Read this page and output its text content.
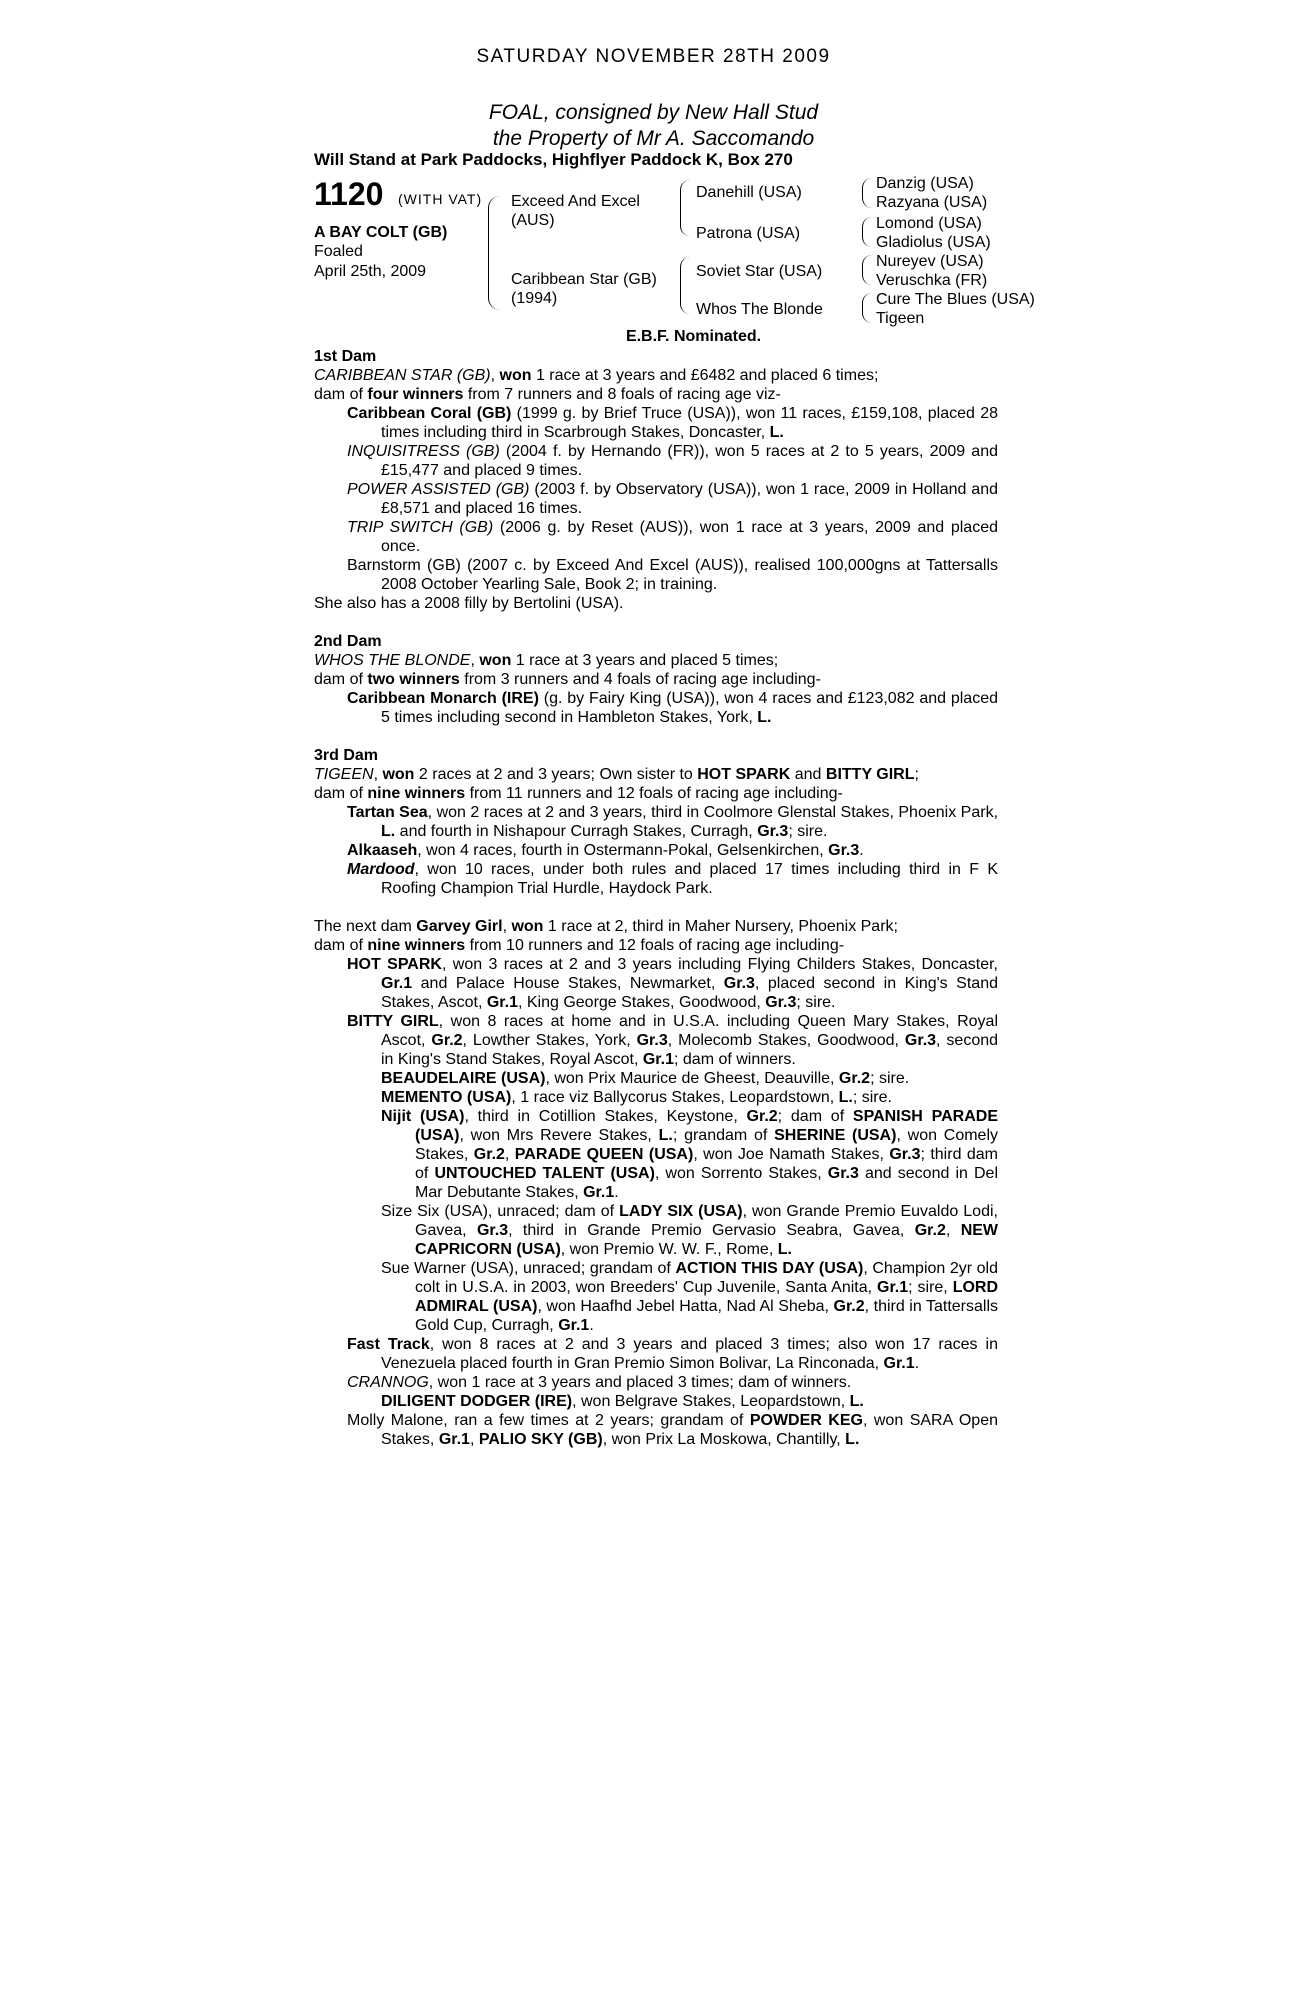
SATURDAY NOVEMBER 28TH 2009
FOAL, consigned by New Hall Stud
the Property of Mr A. Saccomando
Will Stand at Park Paddocks, Highflyer Paddock K, Box 270
1120 (WITH VAT)
A BAY COLT (GB)
Foaled
April 25th, 2009
Exceed And Excel
(AUS)
Caribbean Star (GB)
(1994)
Danehill (USA)
Patrona (USA)
Soviet Star (USA)
Whos The Blonde
Danzig (USA)
Razyana (USA)
Lomond (USA)
Gladiolus (USA)
Nureyev (USA)
Veruschka (FR)
Cure The Blues (USA)
Tigeen
E.B.F. Nominated.

1st Dam

CARIBBEAN STAR (GB), won 1 race at 3 years and £6482 and placed 6 times;

dam of four winners from 7 runners and 8 foals of racing age viz-

Caribbean Coral (GB) (1999 g. by Brief Truce (USA)), won 11 races, £159,108, placed 28 times including third in Scarbrough Stakes, Doncaster, L.

INQUISITRESS (GB) (2004 f. by Hernando (FR)), won 5 races at 2 to 5 years, 2009 and £15,477 and placed 9 times.

POWER ASSISTED (GB) (2003 f. by Observatory (USA)), won 1 race, 2009 in Holland and £8,571 and placed 16 times.

TRIP SWITCH (GB) (2006 g. by Reset (AUS)), won 1 race at 3 years, 2009 and placed once.

Barnstorm (GB) (2007 c. by Exceed And Excel (AUS)), realised 100,000gns at Tattersalls 2008 October Yearling Sale, Book 2; in training.

She also has a 2008 filly by Bertolini (USA).

2nd Dam

WHOS THE BLONDE, won 1 race at 3 years and placed 5 times;

dam of two winners from 3 runners and 4 foals of racing age including-

Caribbean Monarch (IRE) (g. by Fairy King (USA)), won 4 races and £123,082 and placed 5 times including second in Hambleton Stakes, York, L.

3rd Dam

TIGEEN, won 2 races at 2 and 3 years; Own sister to HOT SPARK and BITTY GIRL;

dam of nine winners from 11 runners and 12 foals of racing age including-

Tartan Sea, won 2 races at 2 and 3 years, third in Coolmore Glenstal Stakes, Phoenix Park, L. and fourth in Nishapour Curragh Stakes, Curragh, Gr.3; sire.

Alkaaseh, won 4 races, fourth in Ostermann-Pokal, Gelsenkirchen, Gr.3.

Mardood, won 10 races, under both rules and placed 17 times including third in F K Roofing Champion Trial Hurdle, Haydock Park.

The next dam Garvey Girl, won 1 race at 2, third in Maher Nursery, Phoenix Park;

dam of nine winners from 10 runners and 12 foals of racing age including-

HOT SPARK, won 3 races at 2 and 3 years including Flying Childers Stakes, Doncaster, Gr.1 and Palace House Stakes, Newmarket, Gr.3, placed second in King's Stand Stakes, Ascot, Gr.1, King George Stakes, Goodwood, Gr.3; sire.

BITTY GIRL, won 8 races at home and in U.S.A. including Queen Mary Stakes, Royal Ascot, Gr.2, Lowther Stakes, York, Gr.3, Molecomb Stakes, Goodwood, Gr.3, second in King's Stand Stakes, Royal Ascot, Gr.1; dam of winners.

BEAUDELAIRE (USA), won Prix Maurice de Gheest, Deauville, Gr.2; sire.

MEMENTO (USA), 1 race viz Ballycorus Stakes, Leopardstown, L.; sire.

Nijit (USA), third in Cotillion Stakes, Keystone, Gr.2; dam of SPANISH PARADE (USA), won Mrs Revere Stakes, L.; grandam of SHERINE (USA), won Comely Stakes, Gr.2, PARADE QUEEN (USA), won Joe Namath Stakes, Gr.3; third dam of UNTOUCHED TALENT (USA), won Sorrento Stakes, Gr.3 and second in Del Mar Debutante Stakes, Gr.1.

Size Six (USA), unraced; dam of LADY SIX (USA), won Grande Premio Euvaldo Lodi, Gavea, Gr.3, third in Grande Premio Gervasio Seabra, Gavea, Gr.2, NEW CAPRICORN (USA), won Premio W. W. F., Rome, L.

Sue Warner (USA), unraced; grandam of ACTION THIS DAY (USA), Champion 2yr old colt in U.S.A. in 2003, won Breeders' Cup Juvenile, Santa Anita, Gr.1; sire, LORD ADMIRAL (USA), won Haafhd Jebel Hatta, Nad Al Sheba, Gr.2, third in Tattersalls Gold Cup, Curragh, Gr.1.

Fast Track, won 8 races at 2 and 3 years and placed 3 times; also won 17 races in Venezuela placed fourth in Gran Premio Simon Bolivar, La Rinconada, Gr.1.

CRANNOG, won 1 race at 3 years and placed 3 times; dam of winners.

DILIGENT DODGER (IRE), won Belgrave Stakes, Leopardstown, L.

Molly Malone, ran a few times at 2 years; grandam of POWDER KEG, won SARA Open Stakes, Gr.1, PALIO SKY (GB), won Prix La Moskowa, Chantilly, L.
